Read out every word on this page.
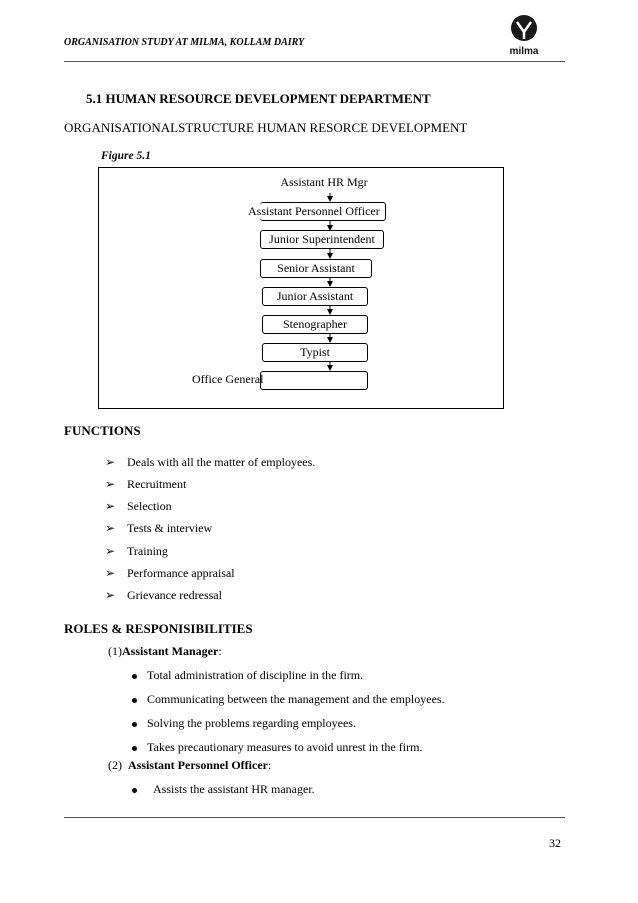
ORGANISATION STUDY AT MILMA, KOLLAM DAIRY
milma
5.1 HUMAN RESOURCE DEVELOPMENT DEPARTMENT
ORGANISATIONALSTRUCTURE HUMAN RESORCE DEVELOPMENT
Figure 5.1
Assistant HR Mgr
Assistant Personnel Officer
Junior Superintendent
Senior Assistant
Junior Assistant
Stenographer
Typist
Office General
FUNCTIONS
➢ Deals with all the matter of employees.
➢ Recruitment
➢ Selection
➢ Tests & interview
➢ Training
➢ Performance appraisal
➢ Grievance redressal
ROLES & RESPONISIBILITIES
(1)Assistant Manager:
Total administration of discipline in the firm.
Communicating between the management and the employees.
Solving the problems regarding employees.
Takes precautionary measures to avoid unrest in the firm.
(2) Assistant Personnel Officer:
Assists the assistant HR manager.
32
